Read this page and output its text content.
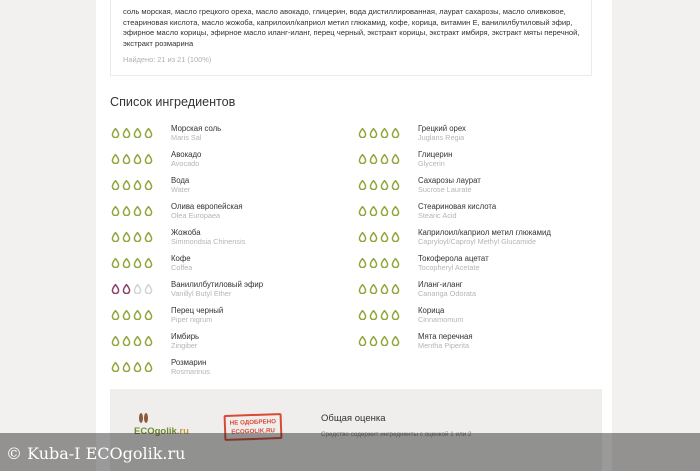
соль морская, масло грецкого ореха, масло авокадо, глицерин, вода дистиллированная, лаурат сахарозы, масло оливковое, стеариновая кислота, масло жожоба, каприлоил/каприол метил глюкамид, кофе, корица, витамин Е, ванилилбутиловый эфир, эфирное масло корицы, эфирное масло иланг-иланг, перец черный, экстракт корицы, экстракт имбиря, экстракт мяты перечной, экстракт розмарина
Найдено: 21 из 21 (100%)
Список ингредиентов
Морская соль
Maris Sal
Авокадо
Avocado
Вода
Water
Олива европейская
Olea Europaea
Жожоба
Simmondsia Chinensis
Кофе
Coffea
Ванилилбутиловый эфир
Vanillyl Butyl Ether
Перец черный
Piper nigrum
Имбирь
Zingiber
Розмарин
Rosmarinus
Грецкий орех
Juglans Regia
Глицерин
Glycerin
Сахарозы лаурат
Sucrose Laurate
Стеариновая кислота
Stearic Acid
Каприлоил/каприол метил глюкамид
Capryloyl/Caproyl Methyl Glucamide
Токоферола ацетат
Tocopheryl Acetate
Иланг-иланг
Cananga Odorata
Корица
Cinnamomum
Мята перечная
Mentha Piperita
ECOgolik.ru
НЕ ОДОБРЕНО
ECOGOLIK.RU
Общая оценка
Средство содержит ингредиенты с оценкой 1 или 2
© Kuba-I ECOgolik.ru
